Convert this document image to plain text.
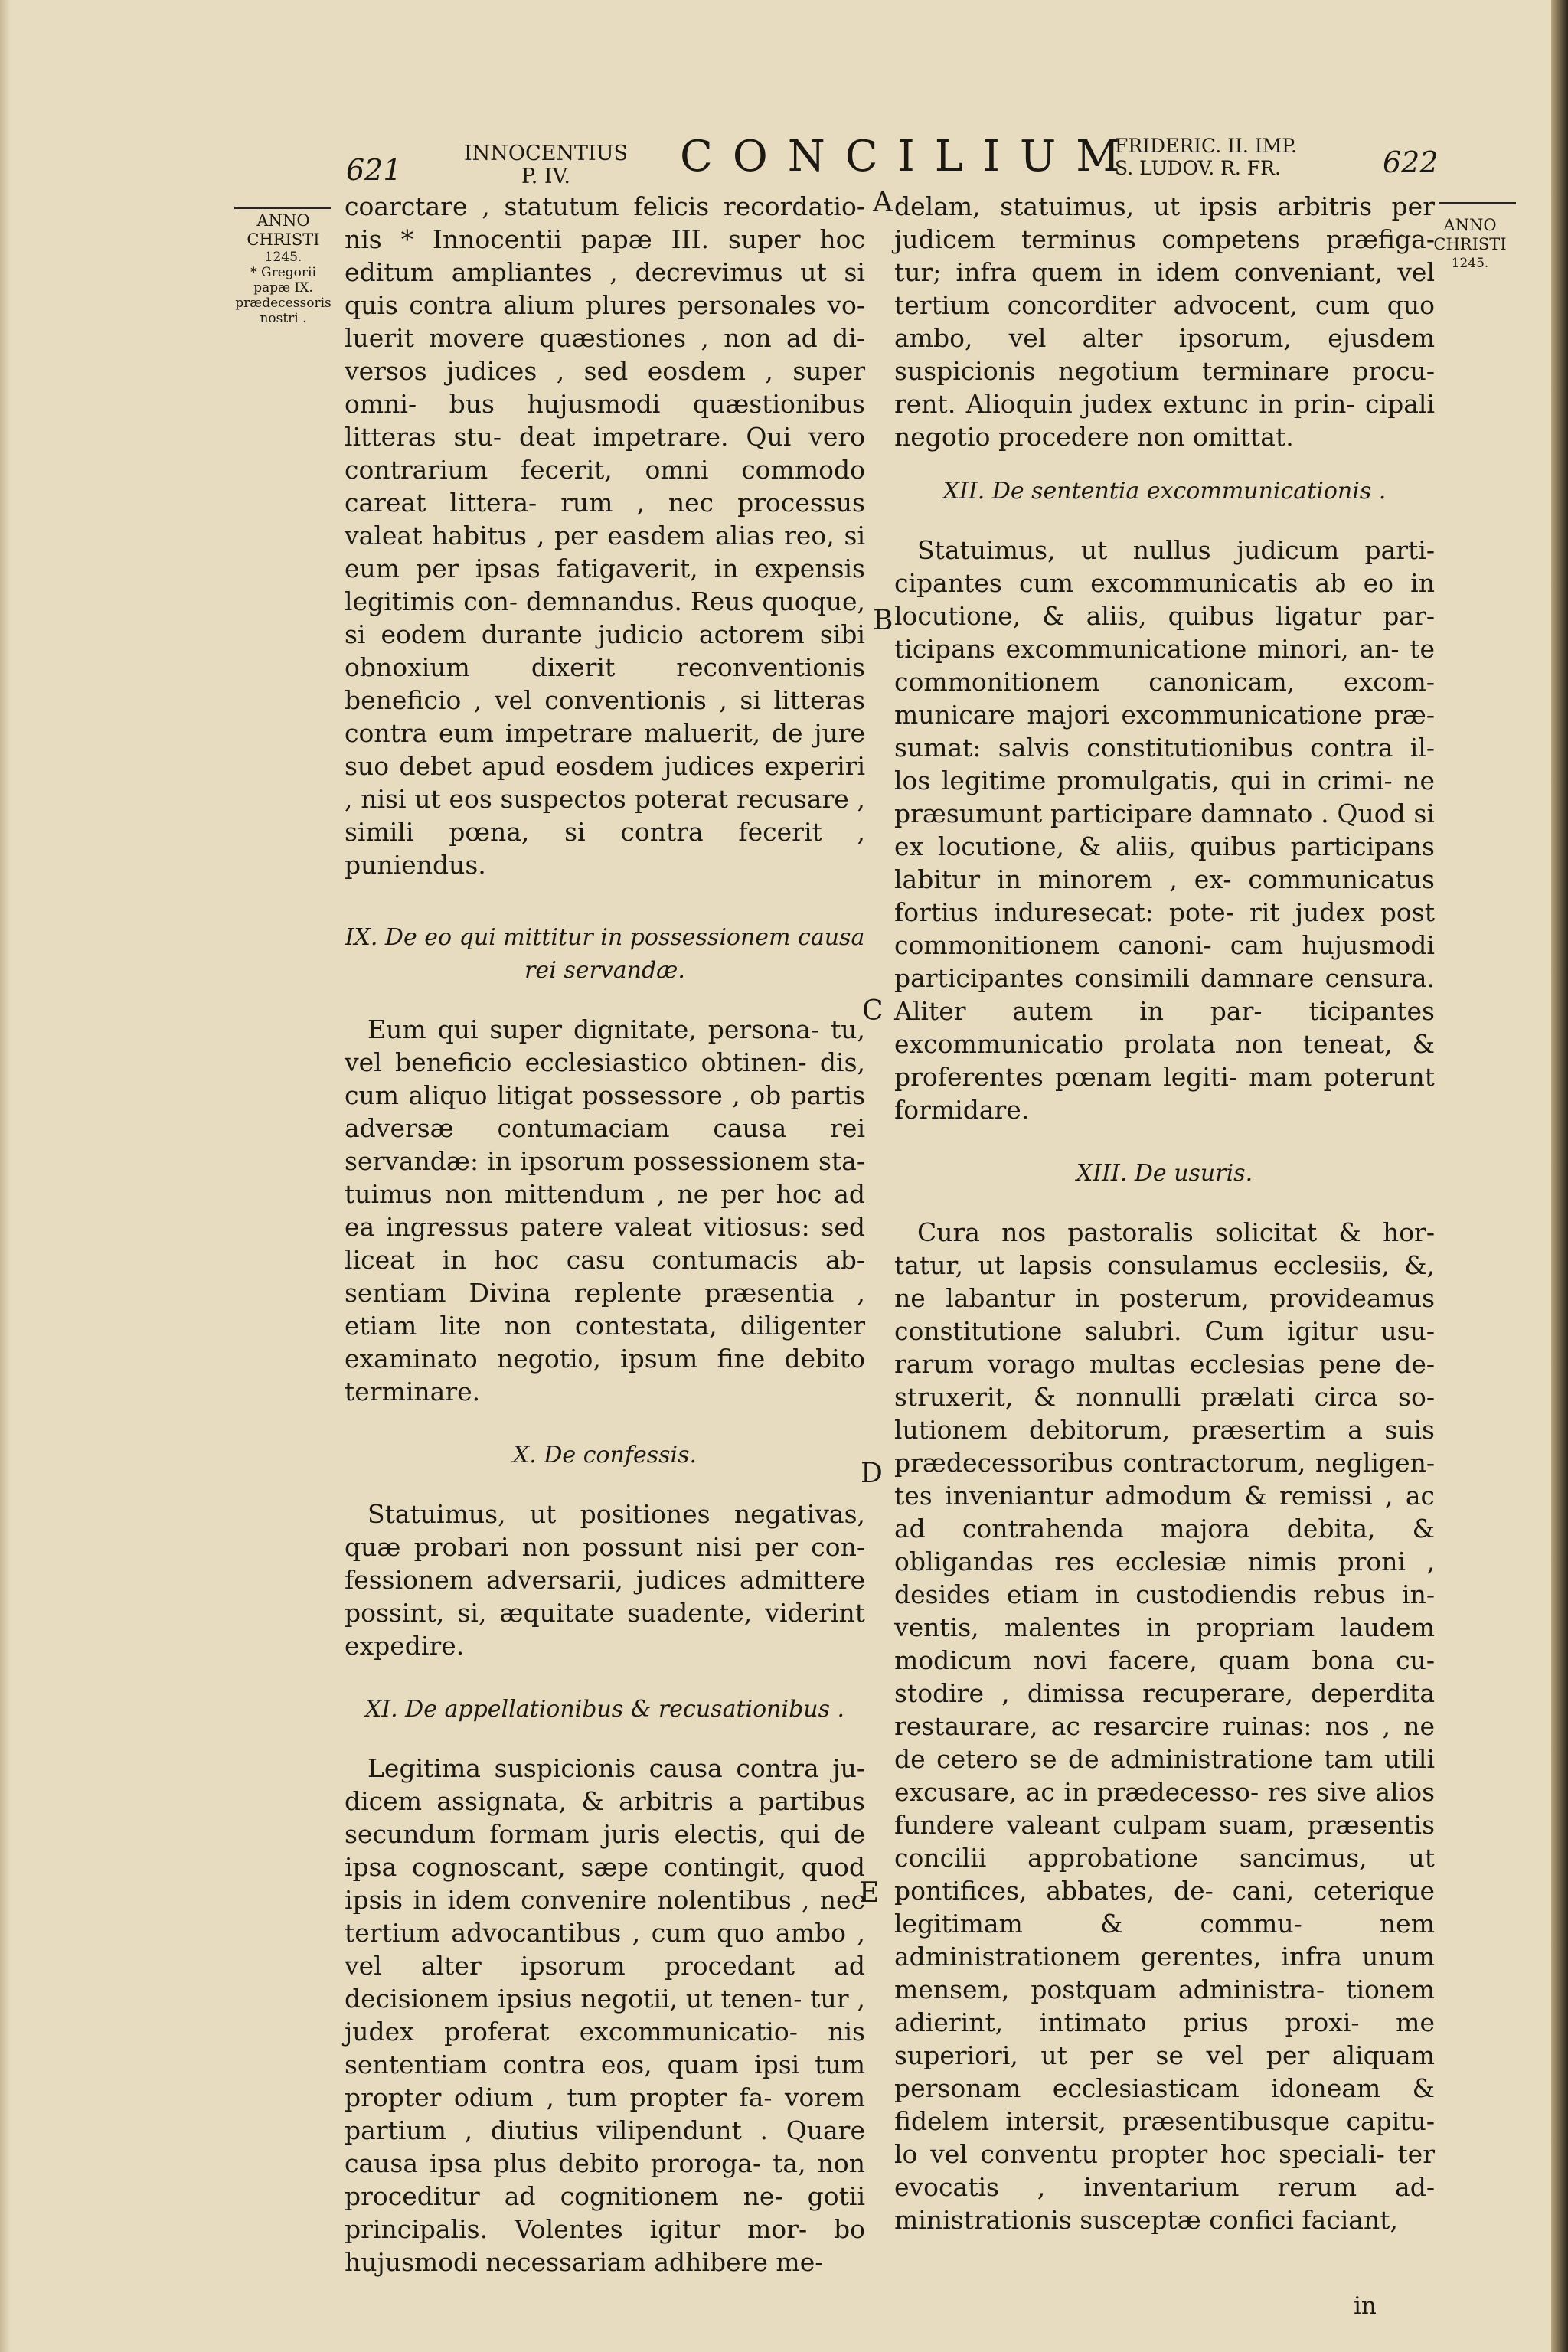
621	INNOCENTIUS
P. IV.	CONCILIUM
FRIDERIC. II. IMP.
S. LUDOV. R. FR.	622
ANNO
CHRISTI
1245.
* Gregorii
papæ IX.
prædecessoris
nostri .
ANNO
CHRISTI
1245.
A
B
C
D
E

coarctare , statutum felicis recordatio- nis * Innocentii papæ III. super hoc editum ampliantes , decrevimus ut si quis contra alium plures personales vo- luerit movere quæstiones , non ad di- versos judices , sed eosdem , super omni- bus hujusmodi quæstionibus litteras stu- deat impetrare. Qui vero contrarium fecerit, omni commodo careat littera- rum , nec processus valeat habitus , per easdem alias reo, si eum per ipsas fatigaverit, in expensis legitimis con- demnandus. Reus quoque, si eodem durante judicio actorem sibi obnoxium dixerit reconventionis beneficio , vel conventionis , si litteras contra eum impetrare maluerit, de jure suo debet apud eosdem judices experiri , nisi ut eos suspectos poterat recusare , simili pœna, si contra fecerit , puniendus.

IX. De eo qui mittitur in possessionem causa rei servandæ.

Eum qui super dignitate, persona- tu, vel beneficio ecclesiastico obtinen- dis, cum aliquo litigat possessore , ob partis adversæ contumaciam causa rei servandæ: in ipsorum possessionem sta- tuimus non mittendum , ne per hoc ad ea ingressus patere valeat vitiosus: sed liceat in hoc casu contumacis ab- sentiam Divina replente præsentia , etiam lite non contestata, diligenter examinato negotio, ipsum fine debito terminare.

X. De confessis.

Statuimus, ut positiones negativas, quæ probari non possunt nisi per con- fessionem adversarii, judices admittere possint, si, æquitate suadente, viderint expedire.

XI. De appellationibus & recusationibus .

Legitima suspicionis causa contra ju- dicem assignata, & arbitris a partibus secundum formam juris electis, qui de ipsa cognoscant, sæpe contingit, quod ipsis in idem convenire nolentibus , nec tertium advocantibus , cum quo ambo , vel alter ipsorum procedant ad decisionem ipsius negotii, ut tenen- tur , judex proferat excommunicatio- nis sententiam contra eos, quam ipsi tum propter odium , tum propter fa- vorem partium , diutius vilipendunt . Quare causa ipsa plus debito proroga- ta, non proceditur ad cognitionem ne- gotii principalis. Volentes igitur mor- bo hujusmodi necessariam adhibere me-

delam, statuimus, ut ipsis arbitris per judicem terminus competens præfiga- tur; infra quem in idem conveniant, vel tertium concorditer advocent, cum quo ambo, vel alter ipsorum, ejusdem suspicionis negotium terminare procu- rent. Alioquin judex extunc in prin- cipali negotio procedere non omittat.

XII. De sententia excommunicationis .

Statuimus, ut nullus judicum parti- cipantes cum excommunicatis ab eo in locutione, & aliis, quibus ligatur par- ticipans excommunicatione minori, an- te commonitionem canonicam, excom- municare majori excommunicatione præ- sumat: salvis constitutionibus contra il- los legitime promulgatis, qui in crimi- ne præsumunt participare damnato . Quod si ex locutione, & aliis, quibus participans labitur in minorem , ex- communicatus fortius induresecat: pote- rit judex post commonitionem canoni- cam hujusmodi participantes consimili damnare censura. Aliter autem in par- ticipantes excommunicatio prolata non teneat, & proferentes pœnam legiti- mam poterunt formidare.

XIII. De usuris.

Cura nos pastoralis solicitat & hor- tatur, ut lapsis consulamus ecclesiis, &, ne labantur in posterum, provideamus constitutione salubri. Cum igitur usu- rarum vorago multas ecclesias pene de- struxerit, & nonnulli prælati circa so- lutionem debitorum, præsertim a suis prædecessoribus contractorum, negligen- tes inveniantur admodum & remissi , ac ad contrahenda majora debita, & obligandas res ecclesiæ nimis proni , desides etiam in custodiendis rebus in- ventis, malentes in propriam laudem modicum novi facere, quam bona cu- stodire , dimissa recuperare, deperdita restaurare, ac resarcire ruinas: nos , ne de cetero se de administratione tam utili excusare, ac in prædecesso- res sive alios fundere valeant culpam suam, præsentis concilii approbatione sancimus, ut pontifices, abbates, de- cani, ceterique legitimam & commu- nem administrationem gerentes, infra unum mensem, postquam administra- tionem adierint, intimato prius proxi- me superiori, ut per se vel per aliquam personam ecclesiasticam idoneam & fidelem intersit, præsentibusque capitu- lo vel conventu propter hoc speciali- ter evocatis , inventarium rerum ad- ministrationis susceptæ confici faciant,

in
